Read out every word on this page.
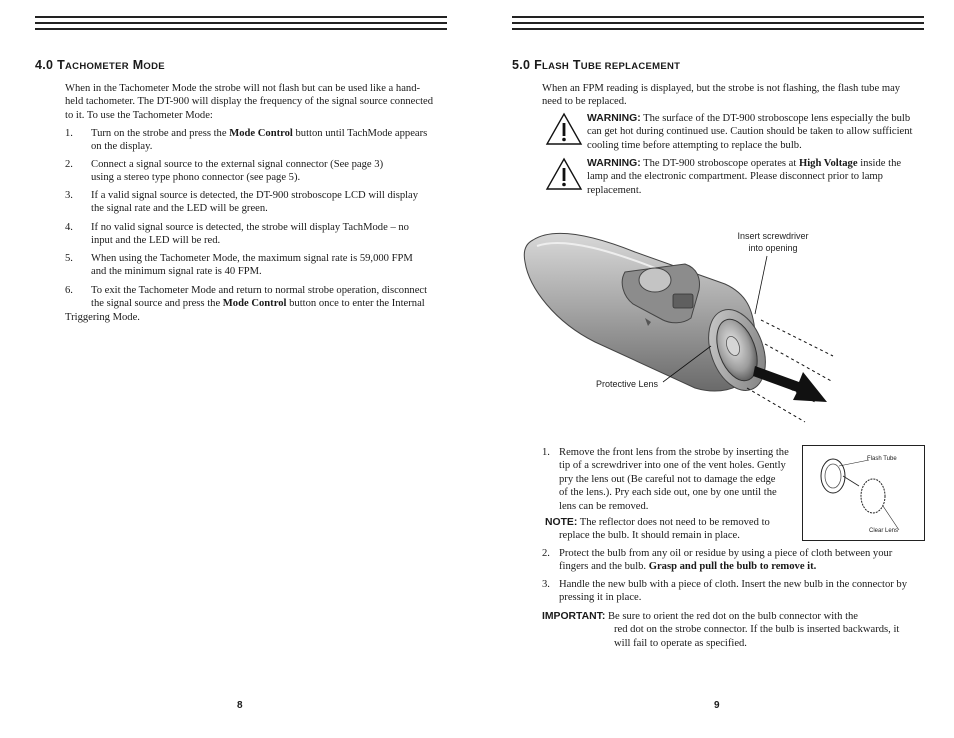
4.0 TACHOMETER MODE
When in the Tachometer Mode the strobe will not flash but can be used like a hand-
held tachometer. The DT-900 will display the frequency of the signal source connected
to it. To use the Tachometer Mode:
1. Turn on the strobe and press the Mode Control button until TachMode appears
on the display.
2. Connect a signal source to the external signal connector (See page 3)
using a stereo type phono connector (see page 5).
3. If a valid signal source is detected, the DT-900 stroboscope LCD will display
the signal rate and the LED will be green.
4. If no valid signal source is detected, the strobe will display TachMode – no
input and the LED will be red.
5. When using the Tachometer Mode, the maximum signal rate is 59,000 FPM
and the minimum signal rate is 40 FPM.
6. To exit the Tachometer Mode and return to normal strobe operation, disconnect
the signal source and press the Mode Control button once to enter the Internal
Triggering Mode.
8
5.0 FLASH TUBE REPLACEMENT
When an FPM reading is displayed, but the strobe is not flashing, the flash tube may
need to be replaced.
WARNING: The surface of the DT-900 stroboscope lens especially the bulb
can get hot during continued use. Caution should be taken to allow sufficient
cooling time before attempting to replace the bulb.
WARNING: The DT-900 stroboscope operates at High Voltage inside the
lamp and the electronic compartment. Please disconnect prior to lamp
replacement.
Insert screwdriver
into opening
Protective Lens
1. Remove the front lens from the strobe by inserting the
tip of a screwdriver into one of the vent holes. Gently
pry the lens out (Be careful not to damage the edge
of the lens.). Pry each side out, one by one until the
lens can be removed.
NOTE: The reflector does not need to be removed to
replace the bulb. It should remain in place.
Flash Tube
Clear Lens
2. Protect the bulb from any oil or residue by using a piece of cloth between your
fingers and the bulb. Grasp and pull the bulb to remove it.
3. Handle the new bulb with a piece of cloth. Insert the new bulb in the connector by
pressing it in place.
IMPORTANT: Be sure to orient the red dot on the bulb connector with the
red dot on the strobe connector. If the bulb is inserted backwards, it
will fail to operate as specified.
9
